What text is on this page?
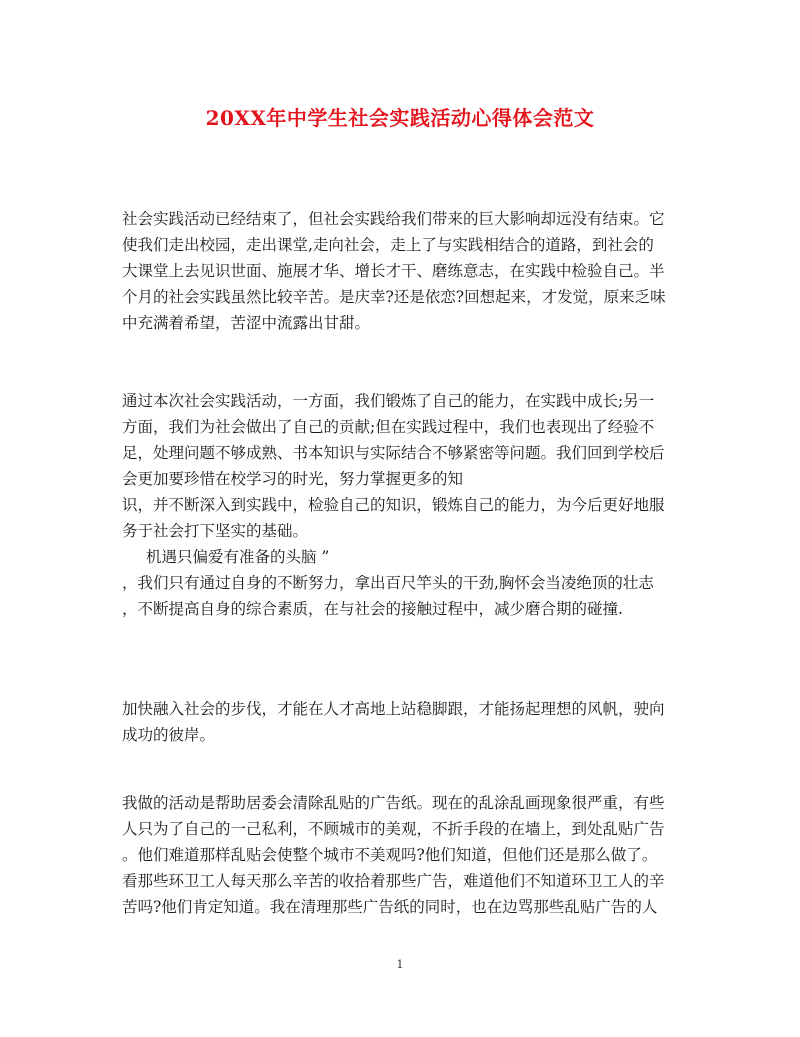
20XX年中学生社会实践活动心得体会范文

社会实践活动已经结束了，但社会实践给我们带来的巨大影响却远没有结束。它
使我们走出校园，走出课堂,走向社会，走上了与实践相结合的道路，到社会的
大课堂上去见识世面、施展才华、增长才干、磨练意志，在实践中检验自己。半
个月的社会实践虽然比较辛苦。是庆幸?还是依恋?回想起来，才发觉，原来乏味
中充满着希望，苦涩中流露出甘甜。

通过本次社会实践活动，一方面，我们锻炼了自己的能力，在实践中成长;另一
方面，我们为社会做出了自己的贡献;但在实践过程中，我们也表现出了经验不
足，处理问题不够成熟、书本知识与实际结合不够紧密等问题。我们回到学校后
会更加要珍惜在校学习的时光，努力掌握更多的知
识，并不断深入到实践中，检验自己的知识，锻炼自己的能力，为今后更好地服
务于社会打下坚实的基础。
机遇只偏爱有准备的头脑 ”
，我们只有通过自身的不断努力，拿出百尺竿头的干劲,胸怀会当凌绝顶的壮志
，不断提高自身的综合素质，在与社会的接触过程中，减少磨合期的碰撞.

加快融入社会的步伐，才能在人才高地上站稳脚跟，才能扬起理想的风帆，驶向
成功的彼岸。

我做的活动是帮助居委会清除乱贴的广告纸。现在的乱涂乱画现象很严重，有些
人只为了自己的一己私利，不顾城市的美观，不折手段的在墙上，到处乱贴广告
。他们难道那样乱贴会使整个城市不美观吗?他们知道，但他们还是那么做了。
看那些环卫工人每天那么辛苦的收拾着那些广告，难道他们不知道环卫工人的辛
苦吗?他们肯定知道。我在清理那些广告纸的同时，也在边骂那些乱贴广告的人

1
